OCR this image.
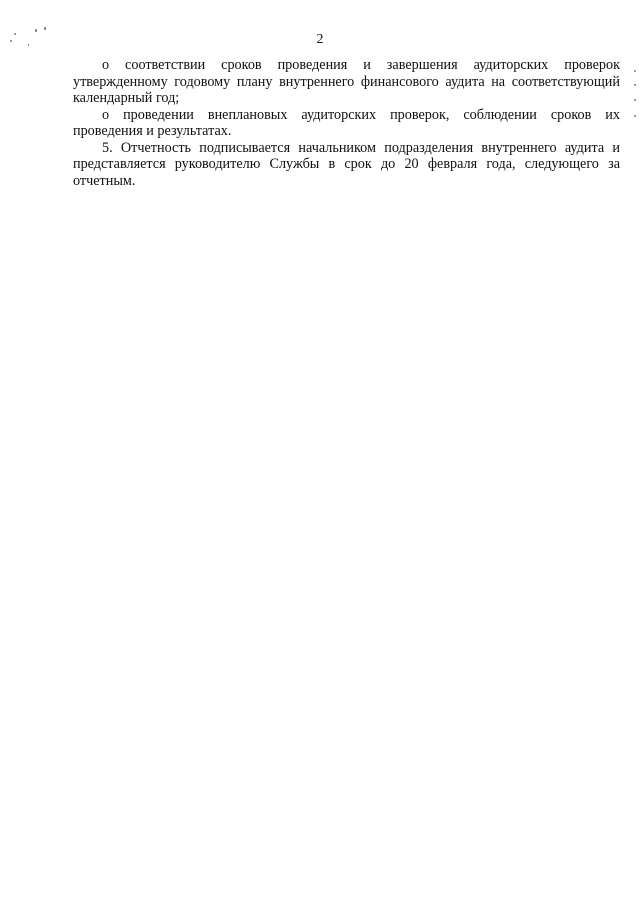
2

о соответствии сроков проведения и завершения аудиторских проверок утвержденному годовому плану внутреннего финансового аудита на соответствующий календарный год;

о проведении внеплановых аудиторских проверок, соблюдении сроков их проведения и результатах.

5. Отчетность подписывается начальником подразделения внутреннего аудита и представляется руководителю Службы в срок до 20 февраля года, следующего за отчетным.
